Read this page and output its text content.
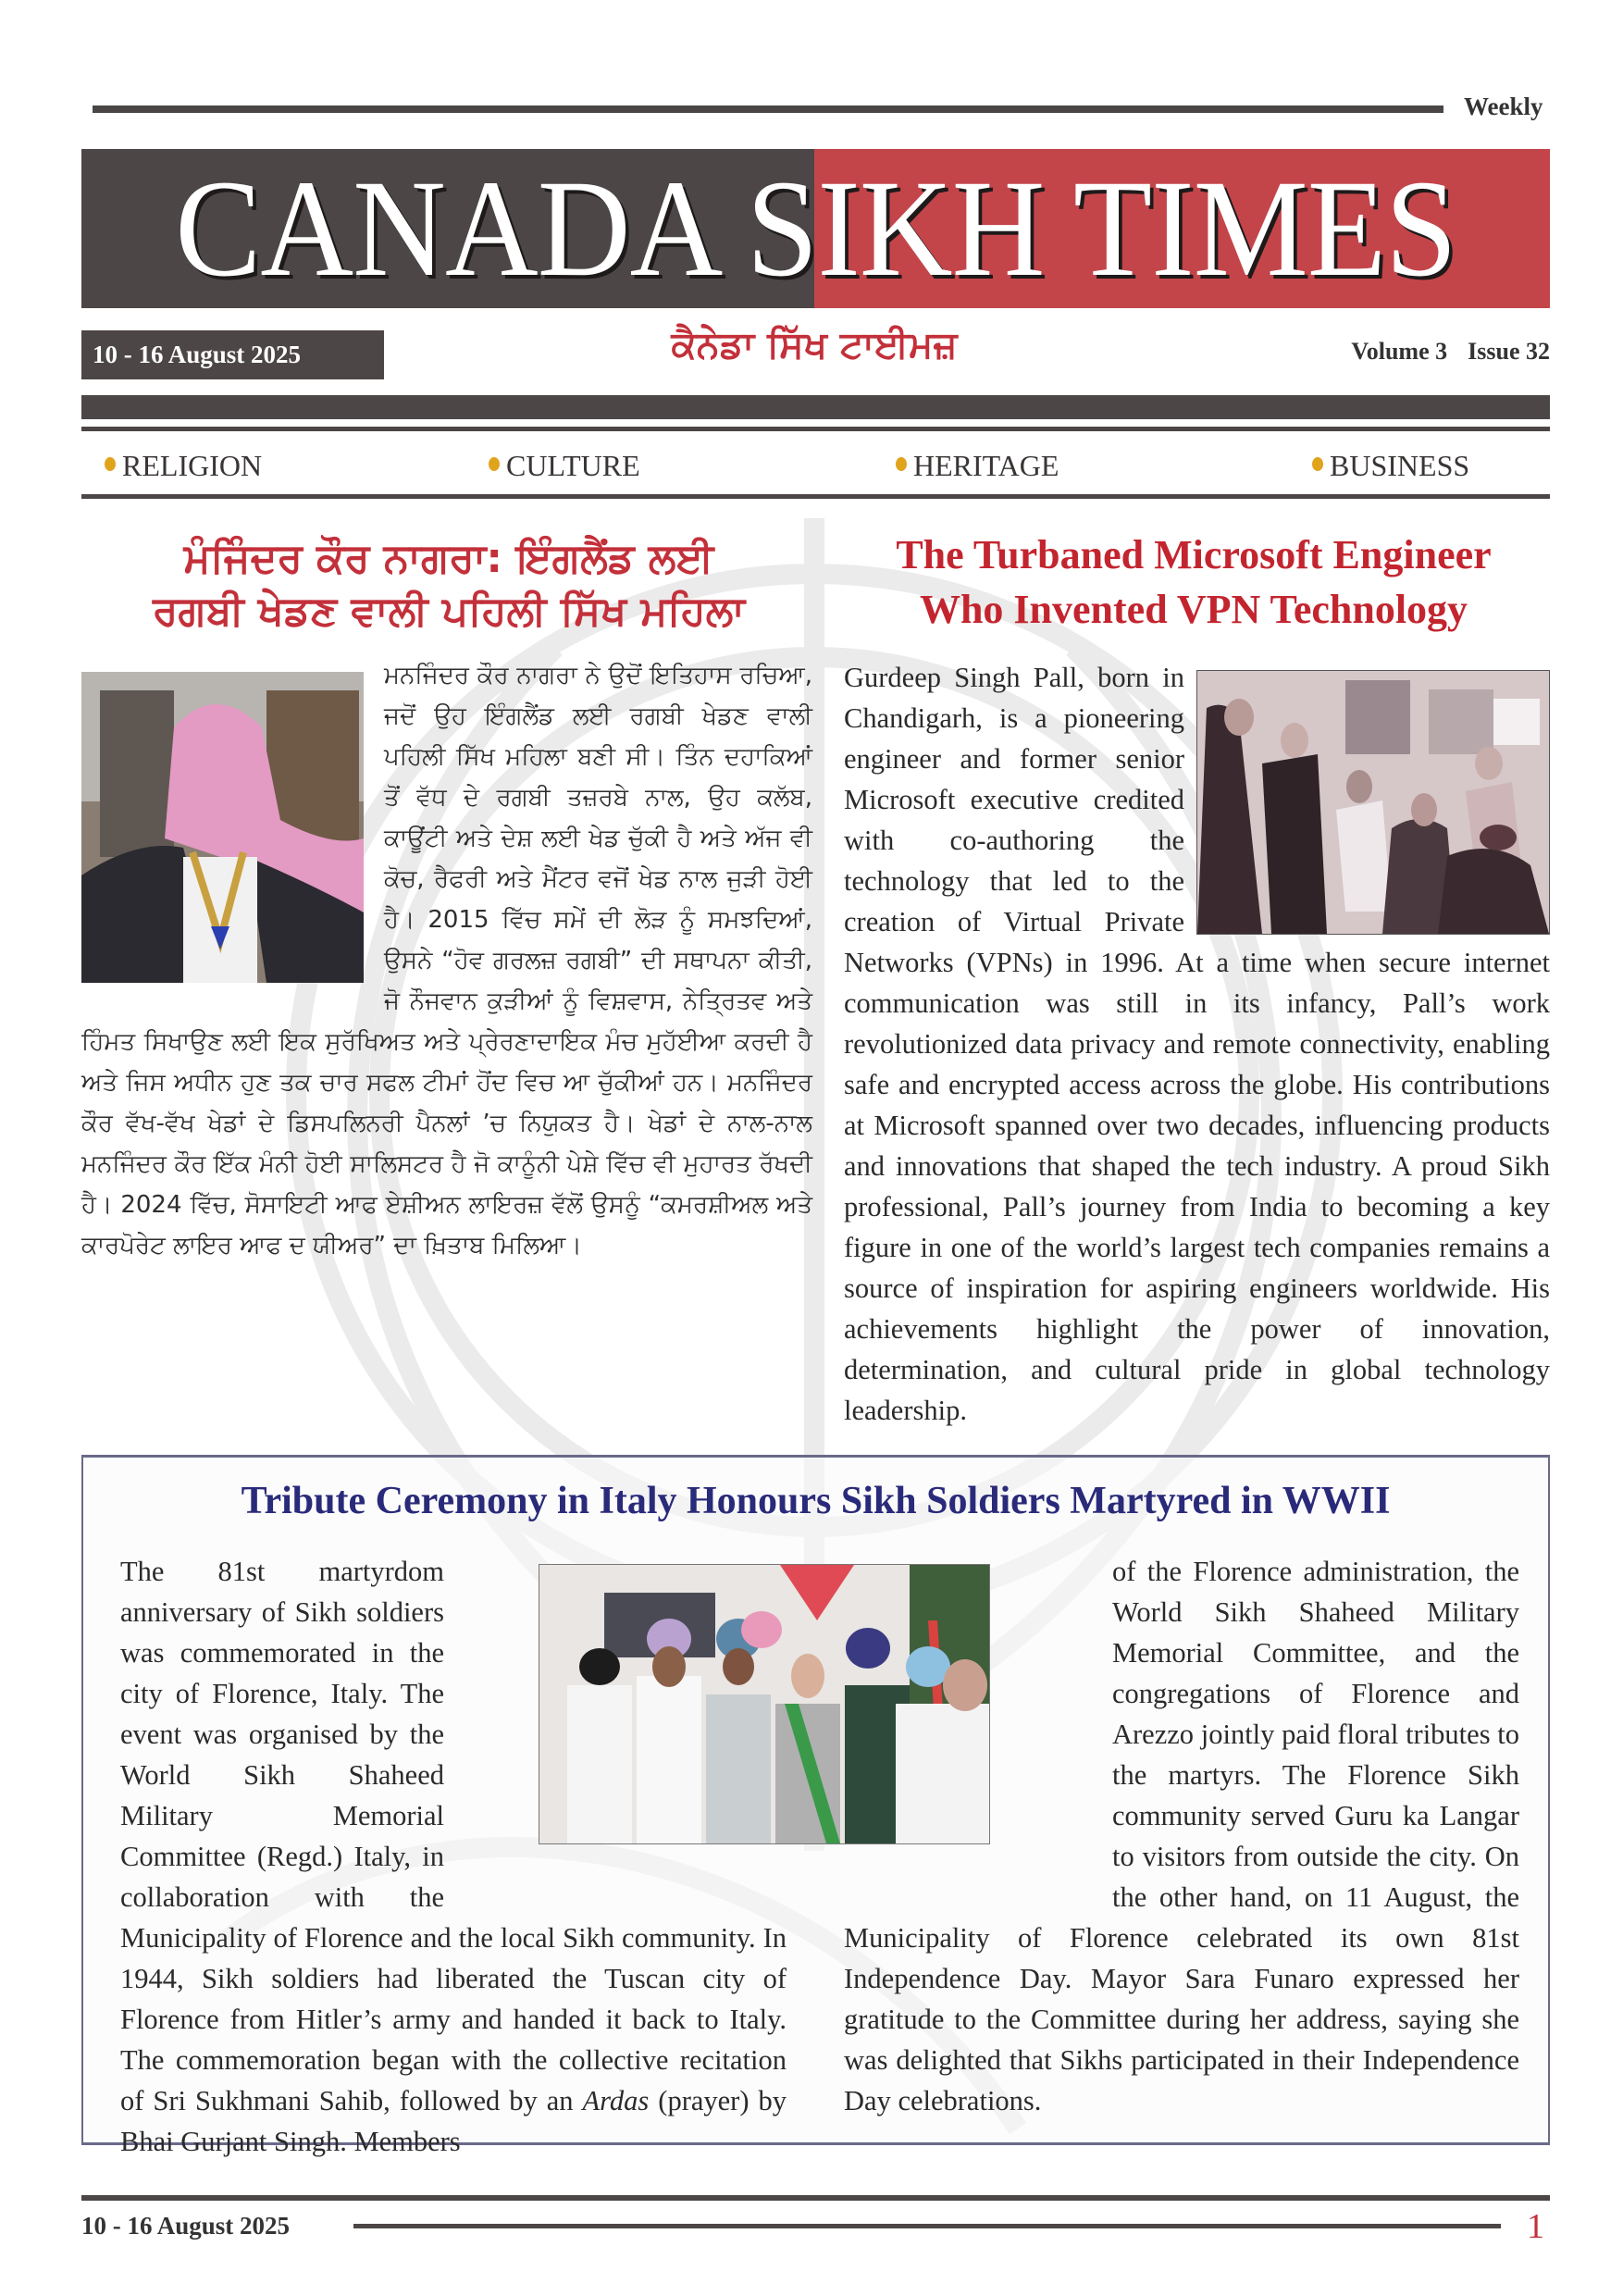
Weekly
CANADA SIKH TIMES
10 - 16 August 2025	ਕੈਨੇਡਾ ਸਿੱਖ ਟਾਈਮਜ਼	Volume 3 Issue 32
RELIGION	CULTURE	HERITAGE	BUSINESS
ਮੰਜਿੰਦਰ ਕੌਰ ਨਾਗਰਾ: ਇੰਗਲੈਂਡ ਲਈ
ਰਗਬੀ ਖੇਡਣ ਵਾਲੀ ਪਹਿਲੀ ਸਿੱਖ ਮਹਿਲਾ
ਮਨਜਿੰਦਰ ਕੌਰ ਨਾਗਰਾ ਨੇ ਉਦੋਂ ਇਤਿਹਾਸ ਰਚਿਆ, ਜਦੋਂ ਉਹ ਇੰਗਲੈਂਡ ਲਈ ਰਗਬੀ ਖੇਡਣ ਵਾਲੀ ਪਹਿਲੀ ਸਿੱਖ ਮਹਿਲਾ ਬਣੀ ਸੀ। ਤਿੰਨ ਦਹਾਕਿਆਂ ਤੋਂ ਵੱਧ ਦੇ ਰਗਬੀ ਤਜ਼ਰਬੇ ਨਾਲ, ਉਹ ਕਲੱਬ, ਕਾਊਂਟੀ ਅਤੇ ਦੇਸ਼ ਲਈ ਖੇਡ ਚੁੱਕੀ ਹੈ ਅਤੇ ਅੱਜ ਵੀ ਕੋਚ, ਰੈਫਰੀ ਅਤੇ ਮੈਂਟਰ ਵਜੋਂ ਖੇਡ ਨਾਲ ਜੁੜੀ ਹੋਈ ਹੈ। 2015 ਵਿੱਚ ਸਮੇਂ ਦੀ ਲੋੜ ਨੂੰ ਸਮਝਦਿਆਂ, ਉਸਨੇ “ਹੋਵ ਗਰਲਜ਼ ਰਗਬੀ” ਦੀ ਸਥਾਪਨਾ ਕੀਤੀ, ਜੋ ਨੌਜਵਾਨ ਕੁੜੀਆਂ ਨੂੰ ਵਿਸ਼ਵਾਸ, ਨੇਤ੍ਰਿਤਵ ਅਤੇ ਹਿੰਮਤ ਸਿਖਾਉਣ ਲਈ ਇਕ ਸੁਰੱਖਿਅਤ ਅਤੇ ਪ੍ਰੇਰਣਾਦਾਇਕ ਮੰਚ ਮੁਹੱਈਆ ਕਰਦੀ ਹੈ ਅਤੇ ਜਿਸ ਅਧੀਨ ਹੁਣ ਤਕ ਚਾਰ ਸਫਲ ਟੀਮਾਂ ਹੋਂਦ ਵਿਚ ਆ ਚੁੱਕੀਆਂ ਹਨ। ਮਨਜਿੰਦਰ ਕੌਰ ਵੱਖ-ਵੱਖ ਖੇਡਾਂ ਦੇ ਡਿਸਪਲਿਨਰੀ ਪੈਨਲਾਂ ’ਚ ਨਿਯੁਕਤ ਹੈ। ਖੇਡਾਂ ਦੇ ਨਾਲ-ਨਾਲ ਮਨਜਿੰਦਰ ਕੌਰ ਇੱਕ ਮੰਨੀ ਹੋਈ ਸਾਲਿਸਟਰ ਹੈ ਜੋ ਕਾਨੂੰਨੀ ਪੇਸ਼ੇ ਵਿੱਚ ਵੀ ਮੁਹਾਰਤ ਰੱਖਦੀ ਹੈ। 2024 ਵਿੱਚ, ਸੋਸਾਇਟੀ ਆਫ ਏਸ਼ੀਅਨ ਲਾਇਰਜ਼ ਵੱਲੋਂ ਉਸਨੂੰ “ਕਮਰਸ਼ੀਅਲ ਅਤੇ ਕਾਰਪੋਰੇਟ ਲਾਇਰ ਆਫ ਦ ਯੀਅਰ” ਦਾ ਖ਼ਿਤਾਬ ਮਿਲਿਆ।
The Turbaned Microsoft Engineer
Who Invented VPN Technology
Gurdeep Singh Pall, born in Chandigarh, is a pioneering engineer and former senior Microsoft executive credited with co-authoring the technology that led to the creation of Virtual Private Networks (VPNs) in 1996. At a time when secure internet communication was still in its infancy, Pall’s work revolutionized data privacy and remote connectivity, enabling safe and encrypted access across the globe. His contributions at Microsoft spanned over two decades, influencing products and innovations that shaped the tech industry. A proud Sikh professional, Pall’s journey from India to becoming a key figure in one of the world’s largest tech companies remains a source of inspiration for aspiring engineers worldwide. His achievements highlight the power of innovation, determination, and cultural pride in global technology leadership.
Tribute Ceremony in Italy Honours Sikh Soldiers Martyred in WWII
The 81st martyrdom anniversary of Sikh soldiers was commemorated in the city of Florence, Italy. The event was organised by the World Sikh Shaheed Military Memorial Committee (Regd.) Italy, in collaboration with the Municipality of Florence and the local Sikh community. In 1944, Sikh soldiers had liberated the Tuscan city of Florence from Hitler’s army and handed it back to Italy. The commemoration began with the collective recitation of Sri Sukhmani Sahib, followed by an Ardas (prayer) by Bhai Gurjant Singh. Members
of the Florence administration, the World Sikh Shaheed Military Memorial Committee, and the congregations of Florence and Arezzo jointly paid floral tributes to the martyrs. The Florence Sikh community served Guru ka Langar to visitors from outside the city. On the other hand, on 11 August, the Municipality of Florence celebrated its own 81st Independence Day. Mayor Sara Funaro expressed her gratitude to the Committee during her address, saying she was delighted that Sikhs participated in their Independence Day celebrations.
10 - 16 August 2025	1
